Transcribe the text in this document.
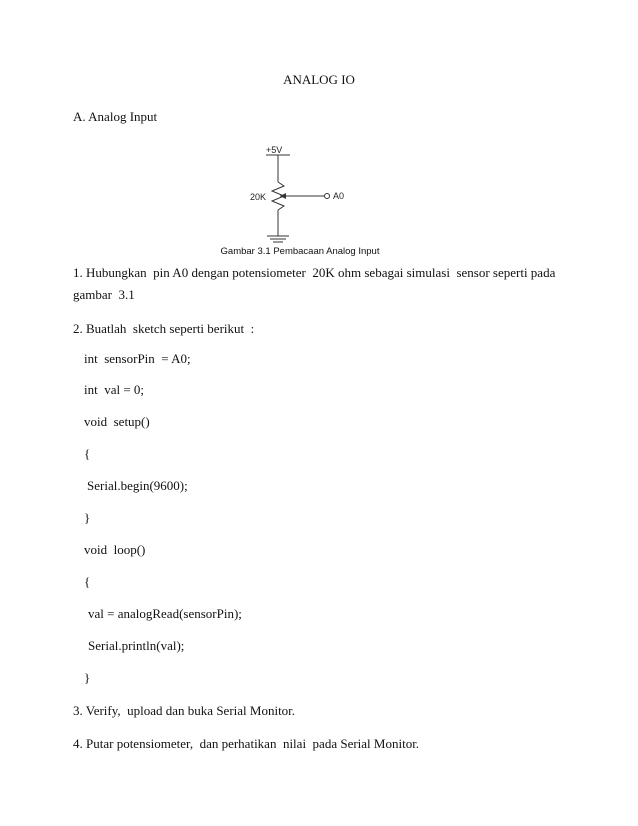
ANALOG IO
A. Analog Input
+5V
20K	A0
Gambar 3.1 Pembacaan Analog Input
1. Hubungkan  pin A0 dengan potensiometer  20K ohm sebagai simulasi  sensor seperti pada
gambar  3.1
2. Buatlah  sketch seperti berikut  :
int  sensorPin  = A0;
int  val = 0;
void  setup()
{
Serial.begin(9600);
}
void  loop()
{
val = analogRead(sensorPin);
Serial.println(val);
}
3. Verify,  upload dan buka Serial Monitor.
4. Putar potensiometer,  dan perhatikan  nilai  pada Serial Monitor.
